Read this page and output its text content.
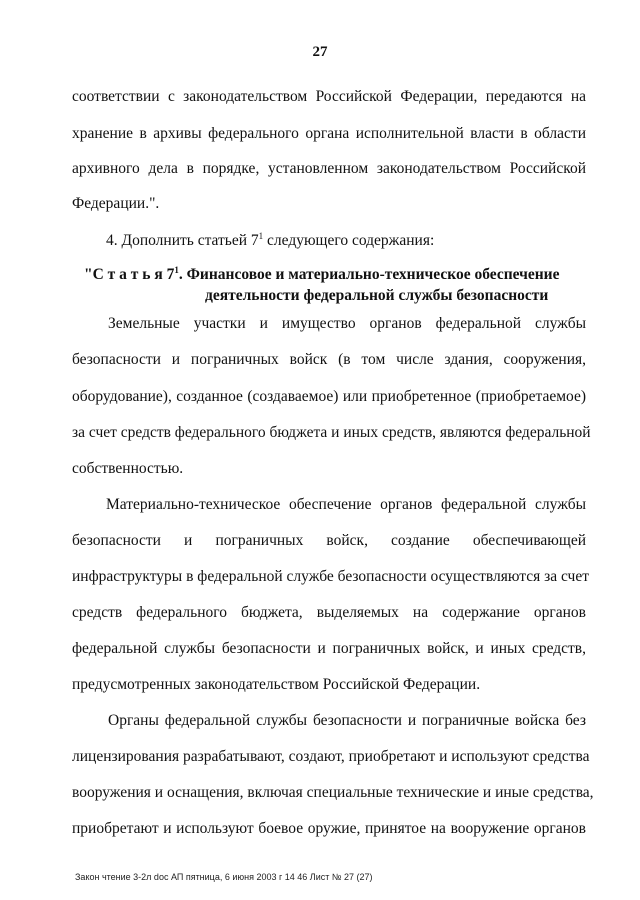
27
соответствии с законодательством Российской Федерации, передаются на
хранение в архивы федерального органа исполнительной власти в области
архивного дела в порядке, установленном законодательством Российской
Федерации.".
4. Дополнить статьей $7^1$ следующего содержания:
"С т а т ь я $7^1$. Финансовое и материально-техническое обеспечение
деятельности федеральной службы безопасности
Земельные участки и имущество органов федеральной службы
безопасности и пограничных войск (в том числе здания, сооружения,
оборудование), созданное (создаваемое) или приобретенное (приобретаемое)
за счет средств федерального бюджета и иных средств, являются федеральной
собственностью.
Материально-техническое обеспечение органов федеральной службы
безопасности и пограничных войск, создание обеспечивающей
инфраструктуры в федеральной службе безопасности осуществляются за счет
средств федерального бюджета, выделяемых на содержание органов
федеральной службы безопасности и пограничных войск, и иных средств,
предусмотренных законодательством Российской Федерации.
Органы федеральной службы безопасности и пограничные войска без
лицензирования разрабатывают, создают, приобретают и используют средства
вооружения и оснащения, включая специальные технические и иные средства,
приобретают и используют боевое оружие, принятое на вооружение органов
Закон чтение 3-2л doc АП пятница, 6 июня 2003 г 14 46 Лист № 27 (27)
